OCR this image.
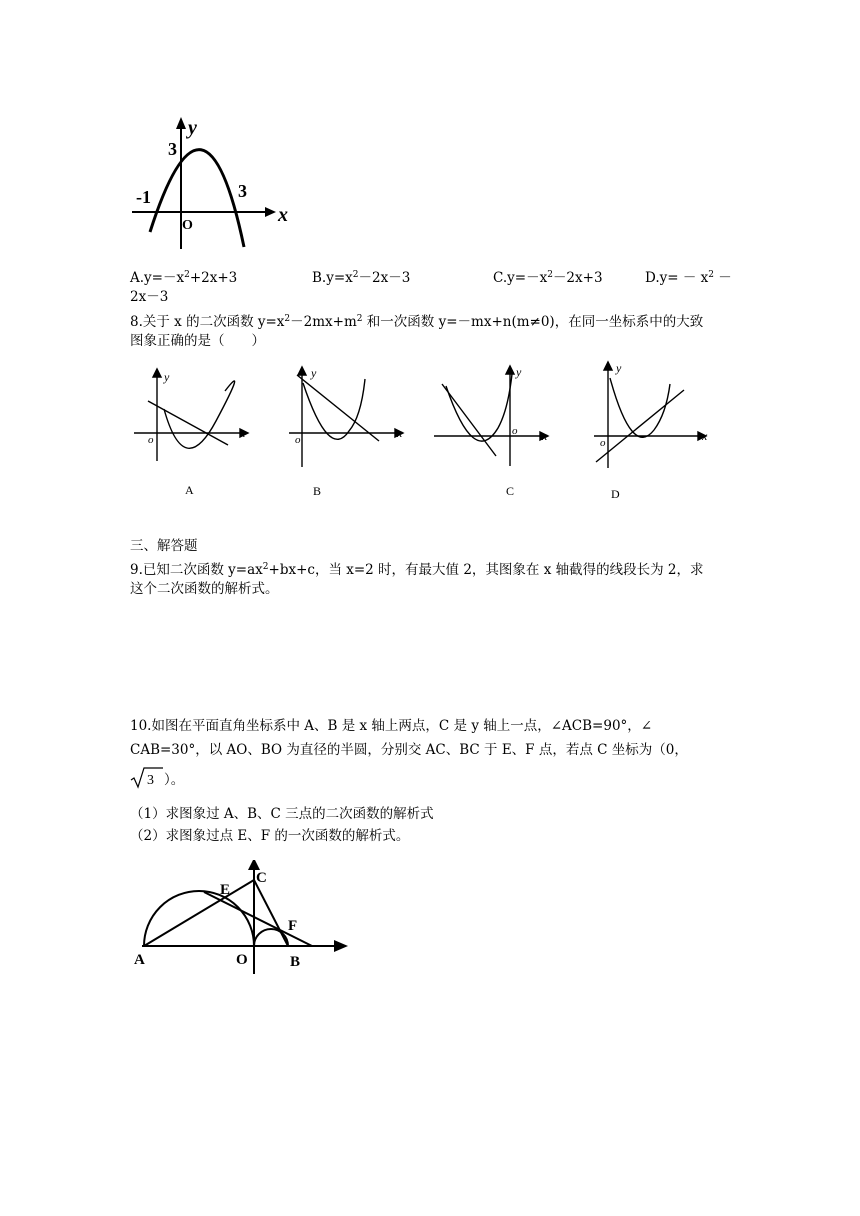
y
x
O
3
-1	3
$A.y=-x^2+2x+3$	$B.y=x^2-2x-3$	$C.y=-x^2-2x+3$	$D.y= - x^2$ －
2x－3
8.关于 x 的二次函数 $y=x^2-2mx+m^2$ 和一次函数 y=－mx+n(m≠0)，在同一坐标系中的大致
图象正确的是（　　）
x
y
o
A
x
y
o
B
x
y
o
C
x
y
o
D
三、解答题
9.已知二次函数 $y=ax^2+bx+c$，当 x=2 时，有最大值 2，其图象在 x 轴截得的线段长为 2，求
这个二次函数的解析式。
10.如图在平面直角坐标系中 A、B 是 x 轴上两点，C 是 y 轴上一点，∠ACB=90°，∠
CAB=30°，以 AO、BO 为直径的半圆，分别交 AC、BC 于 E、F 点，若点 C 坐标为（0，
3 ）。
（1）求图象过 A、B、C 三点的二次函数的解析式
（2）求图象过点 E、F 的一次函数的解析式。
A	O	B
C
E
F
